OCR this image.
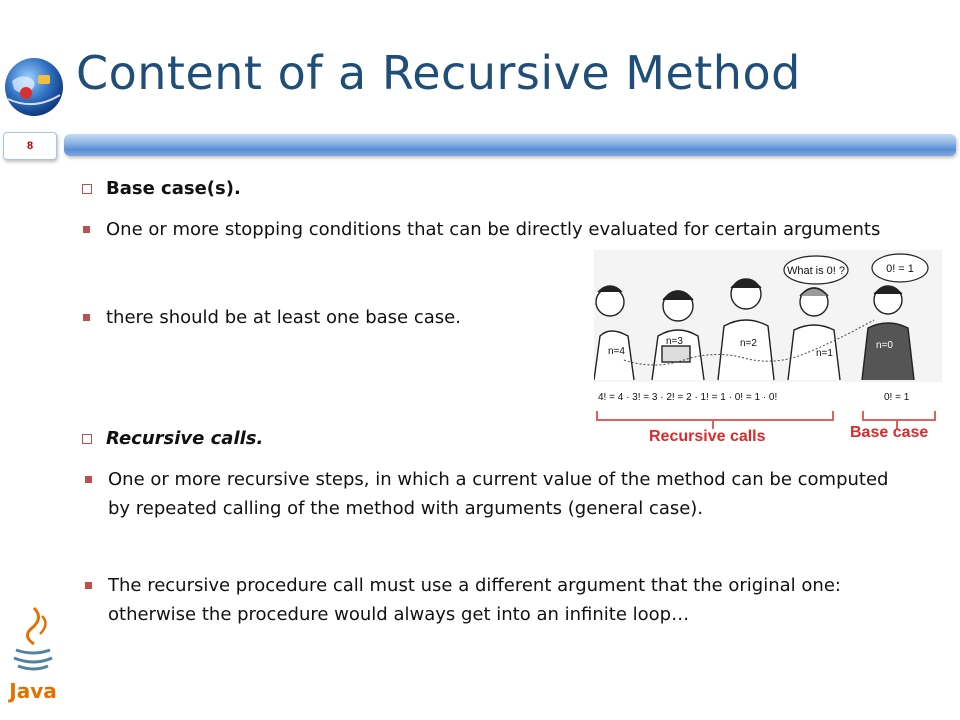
Content of a Recursive Method
8
Base case(s).
One or more stopping conditions that can be directly evaluated for certain arguments
there should be at least one base case.
n=4
n=3	n=2
n=1
What is 0! ?
n=0
0! = 1
4! = 4 · 3! = 3 · 2! = 2 · 1! = 1 · 0! = 1 · 0!	0! = 1
Recursive calls	Base case
Recursive calls.
One or more recursive steps, in which a current value of the method can be computed by repeated calling of the method with arguments (general case).
The recursive procedure call must use a different argument that the original one: otherwise the procedure would always get into an infinite loop…
Java
